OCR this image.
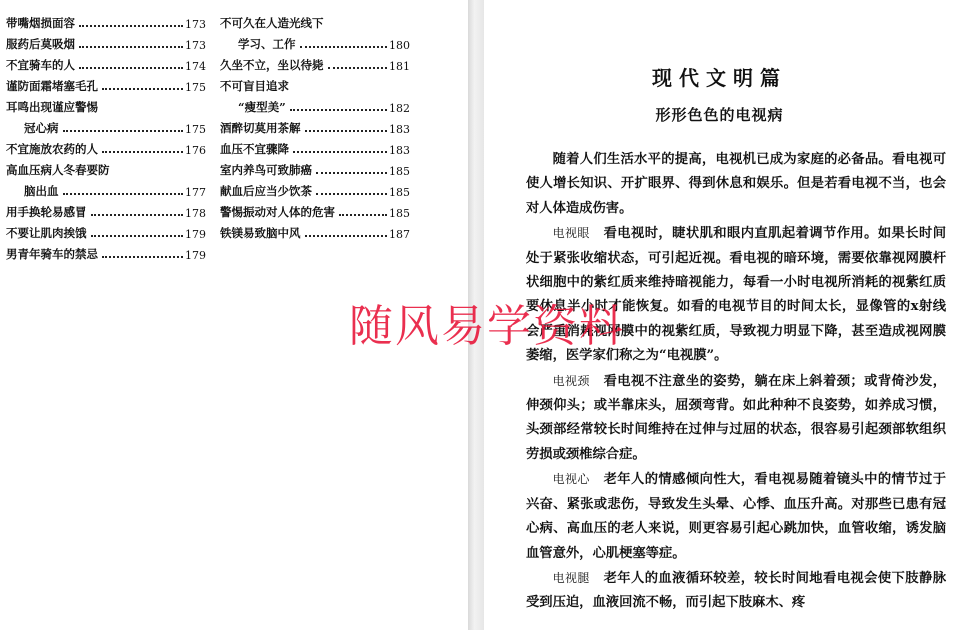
带嘴烟损面容	173
服药后莫吸烟	173
不宜骑车的人	174
谨防面霜堵塞毛孔	175
耳鸣出现谨应警惕
冠心病	175
不宜施放农药的人	176
高血压病人冬春要防
脑出血	177
用手换轮易感冒	178
不要让肌肉挨饿	179
男青年骑车的禁忌	179
不可久在人造光线下
学习、工作	180
久坐不立，坐以待毙	181
不可盲目追求
“瘦型美”	182
酒醉切莫用茶解	183
血压不宜骤降	183
室内养鸟可致肺癌	185
献血后应当少饮茶	185
警惕振动对人体的危害	185
铁镁易致脑中风	187
现代文明篇
形形色色的电视病

随着人们生活水平的提高，电视机已成为家庭的必备品。看电视可使人增长知识、开扩眼界、得到休息和娱乐。但是若看电视不当，也会对人体造成伤害。

电视眼  看电视时，睫状肌和眼内直肌起着调节作用。如果长时间处于紧张收缩状态，可引起近视。看电视的暗环境，需要依靠视网膜杆状细胞中的紫红质来维持暗视能力，每看一小时电视所消耗的视紫红质要休息半小时才能恢复。如看的电视节目的时间太长，显像管的x射线会严重消耗视网膜中的视紫红质，导致视力明显下降，甚至造成视网膜萎缩，医学家们称之为“电视膜”。

电视颈  看电视不注意坐的姿势，躺在床上斜着颈；或背倚沙发，伸颈仰头；或半靠床头，屈颈弯背。如此种种不良姿势，如养成习惯，头颈部经常较长时间维持在过伸与过屈的状态，很容易引起颈部软组织劳损或颈椎综合症。

电视心  老年人的情感倾向性大，看电视易随着镜头中的情节过于兴奋、紧张或悲伤，导致发生头晕、心悸、血压升高。对那些已患有冠心病、高血压的老人来说，则更容易引起心跳加快，血管收缩，诱发脑血管意外，心肌梗塞等症。

电视腿  老年人的血液循环较差，较长时间地看电视会使下肢静脉受到压迫，血液回流不畅，而引起下肢麻木、疼

随风易学资料
